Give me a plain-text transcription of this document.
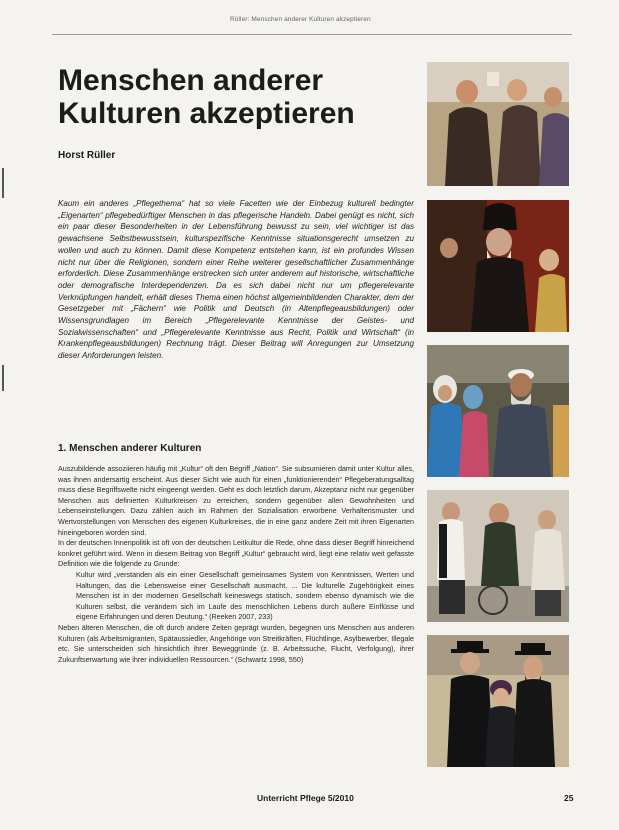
Rüller: Menschen anderer Kulturen akzeptieren
Menschen anderer Kulturen akzeptieren
Horst Rüller

Kaum ein anderes „Pflegethema“ hat so viele Facetten wie der Einbezug kulturell bedingter „Eigenarten“ pflegebedürftiger Menschen in das pflegerische Handeln. Dabei genügt es nicht, sich ein paar dieser Besonderheiten in der Lebensführung bewusst zu sein, viel wichtiger ist das gewachsene Selbstbewusstsein, kulturspezifische Kenntnisse situationsgerecht umsetzen zu wollen und auch zu können. Damit diese Kompetenz entstehen kann, ist ein profundes Wissen nicht nur über die Religionen, sondern einer Reihe weiterer gesellschaftlicher Zusammenhänge erforderlich. Diese Zusammenhänge erstrecken sich unter anderem auf historische, wirtschaftliche oder demografische Interdependenzen. Da es sich dabei nicht nur um pflegerelevante Verknüpfungen handelt, erhält dieses Thema einen höchst allgemeinbildenden Charakter, dem der Gesetzgeber mit „Fächern“ wie Politik und Deutsch (in Altenpflegeausbildungen) oder Wissensgrundlagen im Bereich „Pflegerelevante Kenntnisse der Geistes- und Sozialwissenschaften“ und „Pflegerelevante Kenntnisse aus Recht, Politik und Wirtschaft“ (in Krankenpflegeausbildungen) Rechnung trägt. Dieser Beitrag will Anregungen zur Umsetzung dieser Anforderungen leisten.

1. Menschen anderer Kulturen

Auszubildende assoziieren häufig mit „Kultur“ oft den Begriff „Nation“. Sie subsumieren damit unter Kultur alles, was ihnen andersartig erscheint. Aus dieser Sicht wie auch für einen „funktionierenden“ Pflegeberatungsalltag muss diese Begriffswelte nicht eingeengt werden. Geht es doch letztlich darum, Akzeptanz nicht nur gegenüber Menschen aus definierten Kulturkreisen zu erreichen, sondern gegenüber allen Gewohnheiten und Lebenseinstellungen. Dazu zählen auch im Rahmen der Sozialisation erworbene Verhaltensmuster und Wertvorstellungen von Menschen des eigenen Kulturkreises, die in eine ganz andere Zeit mit ihren Eigenarten hineingeboren worden sind.

In der deutschen Innenpolitik ist oft von der deutschen Leitkultur die Rede, ohne dass dieser Begriff hinreichend konkret geführt wird. Wenn in diesem Beitrag von Begriff „Kultur“ gebraucht wird, liegt eine relativ weit gefasste Definition wie die folgende zu Grunde:

Kultur wird „verstanden als ein einer Gesellschaft gemeinsames System von Kenntnissen, Werten und Haltungen, das die Lebensweise einer Gesellschaft ausmacht. ... Die kulturelle Zugehörigkeit eines Menschen ist in der modernen Gesellschaft keineswegs statisch, sondern ebenso dynamisch wie die Kulturen selbst, die verändern sich im Laufe des menschlichen Lebens durch äußere Einflüsse und eigene Erfahrungen und deren Deutung.“ (Reeken 2007, 233)

Neben älteren Menschen, die oft durch andere Zeiten geprägt wurden, begegnen uns Menschen aus anderen Kulturen (als Arbeitsmigranten, Spätaussiedler, Angehörige von Streitkräften, Flüchtlinge, Asylbewerber, Illegale etc. Sie unterscheiden sich hinsichtlich ihrer Beweggründe (z. B. Arbeitssuche, Flucht, Verfolgung), ihrer Zukunftserwartung wie ihrer individuellen Ressourcen.“ (Schwartz 1998, 550)

Unterricht Pflege 5/2010	25
